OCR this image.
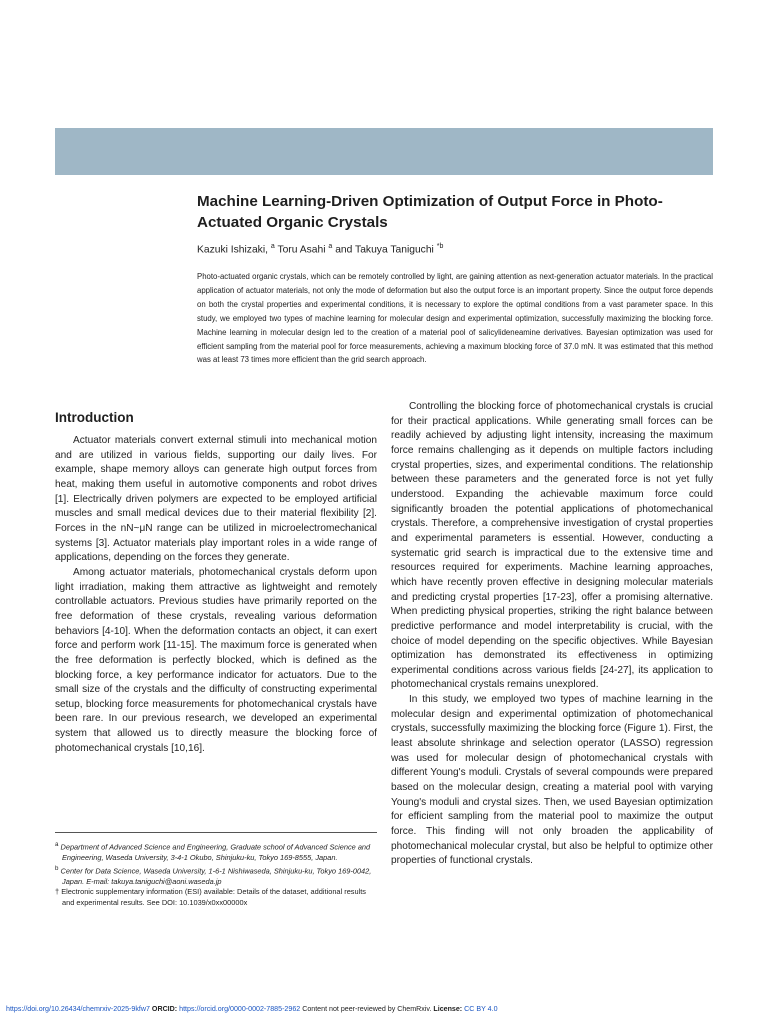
Machine Learning-Driven Optimization of Output Force in Photo-Actuated Organic Crystals
Kazuki Ishizaki, $^a$ Toru Asahi $^a$ and Takuya Taniguchi $^{*b}$

Photo-actuated organic crystals, which can be remotely controlled by light, are gaining attention as next-generation actuator materials. In the practical application of actuator materials, not only the mode of deformation but also the output force is an important property. Since the output force depends on both the crystal properties and experimental conditions, it is necessary to explore the optimal conditions from a vast parameter space. In this study, we employed two types of machine learning for molecular design and experimental optimization, successfully maximizing the blocking force. Machine learning in molecular design led to the creation of a material pool of salicylideneamine derivatives. Bayesian optimization was used for efficient sampling from the material pool for force measurements, achieving a maximum blocking force of 37.0 mN. It was estimated that this method was at least 73 times more efficient than the grid search approach.

Introduction

Actuator materials convert external stimuli into mechanical motion and are utilized in various fields, supporting our daily lives. For example, shape memory alloys can generate high output forces from heat, making them useful in automotive components and robot drives [1]. Electrically driven polymers are expected to be employed artificial muscles and small medical devices due to their material flexibility [2]. Forces in the nN~μN range can be utilized in microelectromechanical systems [3]. Actuator materials play important roles in a wide range of applications, depending on the forces they generate.

Among actuator materials, photomechanical crystals deform upon light irradiation, making them attractive as lightweight and remotely controllable actuators. Previous studies have primarily reported on the free deformation of these crystals, revealing various deformation behaviors [4-10]. When the deformation contacts an object, it can exert force and perform work [11-15]. The maximum force is generated when the free deformation is perfectly blocked, which is defined as the blocking force, a key performance indicator for actuators. Due to the small size of the crystals and the difficulty of constructing experimental setup, blocking force measurements for photomechanical crystals have been rare. In our previous research, we developed an experimental system that allowed us to directly measure the blocking force of photomechanical crystals [10,16].

Controlling the blocking force of photomechanical crystals is crucial for their practical applications. While generating small forces can be readily achieved by adjusting light intensity, increasing the maximum force remains challenging as it depends on multiple factors including crystal properties, sizes, and experimental conditions. The relationship between these parameters and the generated force is not yet fully understood. Expanding the achievable maximum force could significantly broaden the potential applications of photomechanical crystals. Therefore, a comprehensive investigation of crystal properties and experimental parameters is essential. However, conducting a systematic grid search is impractical due to the extensive time and resources required for experiments. Machine learning approaches, which have recently proven effective in designing molecular materials and predicting crystal properties [17-23], offer a promising alternative. When predicting physical properties, striking the right balance between predictive performance and model interpretability is crucial, with the choice of model depending on the specific objectives. While Bayesian optimization has demonstrated its effectiveness in optimizing experimental conditions across various fields [24-27], its application to photomechanical crystals remains unexplored.

In this study, we employed two types of machine learning in the molecular design and experimental optimization of photomechanical crystals, successfully maximizing the blocking force (Figure 1). First, the least absolute shrinkage and selection operator (LASSO) regression was used for molecular design of photomechanical crystals with different Young's moduli. Crystals of several compounds were prepared based on the molecular design, creating a material pool with varying Young's moduli and crystal sizes. Then, we used Bayesian optimization for efficient sampling from the material pool to maximize the output force. This finding will not only broaden the applicability of photomechanical molecular crystal, but also be helpful to optimize other properties of functional crystals.

$^a$ Department of Advanced Science and Engineering, Graduate school of Advanced Science and Engineering, Waseda University, 3-4-1 Okubo, Shinjuku-ku, Tokyo 169-8555, Japan.
$^b$ Center for Data Science, Waseda University, 1-6-1 Nishiwaseda, Shinjuku-ku, Tokyo 169-0042, Japan. E-mail: takuya.taniguchi@aoni.waseda.jp
† Electronic supplementary information (ESI) available: Details of the dataset, additional results and experimental results. See DOI: 10.1039/x0xx00000x
https://doi.org/10.26434/chemrxiv-2025-9kfw7 ORCID: https://orcid.org/0000-0002-7885-2962 Content not peer-reviewed by ChemRxiv. License: CC BY 4.0
